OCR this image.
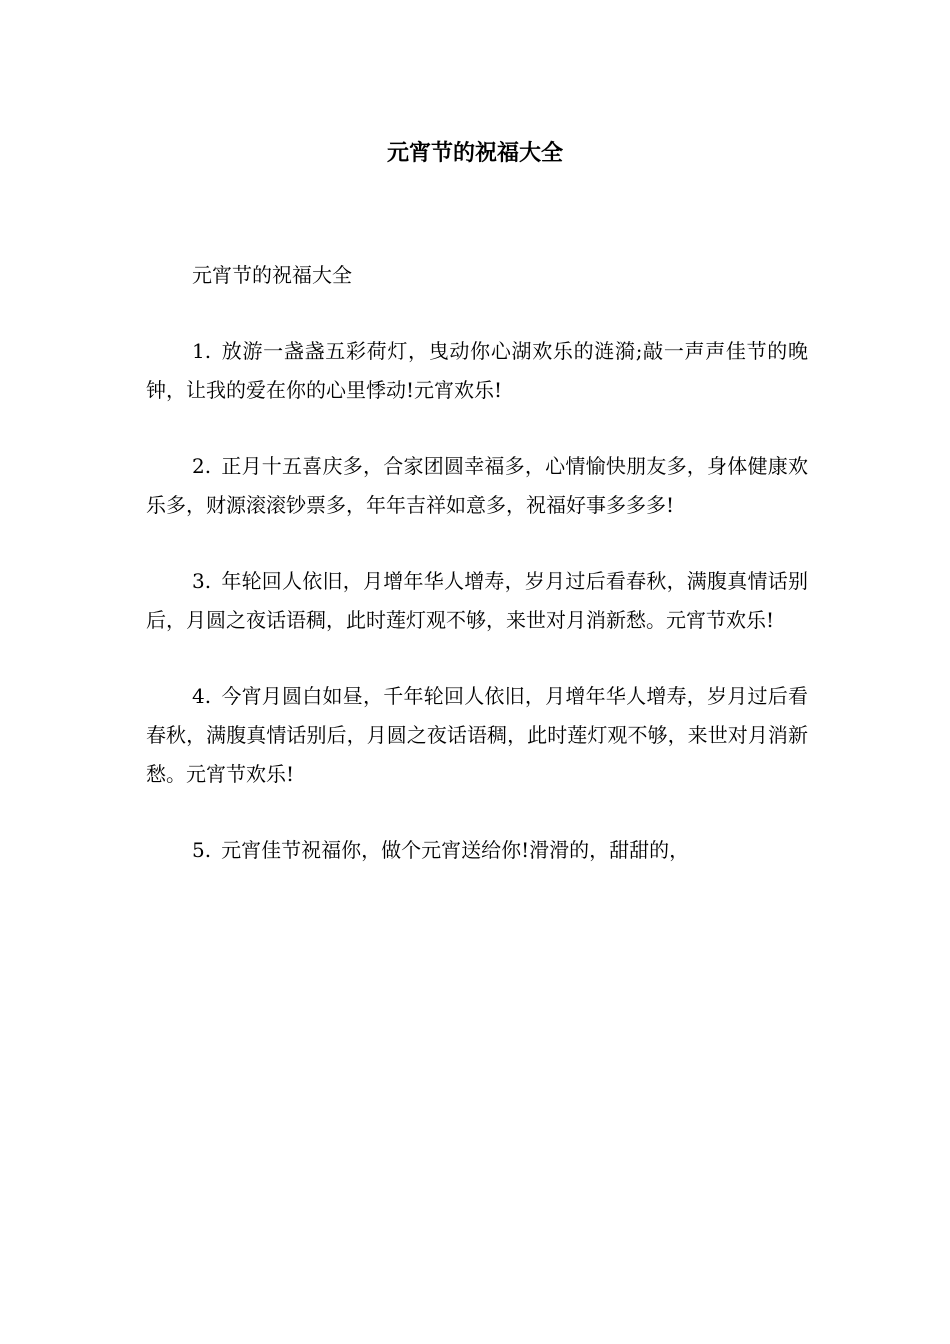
元宵节的祝福大全

元宵节的祝福大全

1. 放游一盏盏五彩荷灯，曳动你心湖欢乐的涟漪;敲一声声佳节的晚钟，让我的爱在你的心里悸动!元宵欢乐!

2. 正月十五喜庆多，合家团圆幸福多，心情愉快朋友多，身体健康欢乐多，财源滚滚钞票多，年年吉祥如意多，祝福好事多多多!

3. 年轮回人依旧，月增年华人增寿，岁月过后看春秋，满腹真情话别后，月圆之夜话语稠，此时莲灯观不够，来世对月消新愁。元宵节欢乐!

4. 今宵月圆白如昼，千年轮回人依旧，月增年华人增寿，岁月过后看春秋，满腹真情话别后，月圆之夜话语稠，此时莲灯观不够，来世对月消新愁。元宵节欢乐!

5. 元宵佳节祝福你，做个元宵送给你!滑滑的，甜甜的，
